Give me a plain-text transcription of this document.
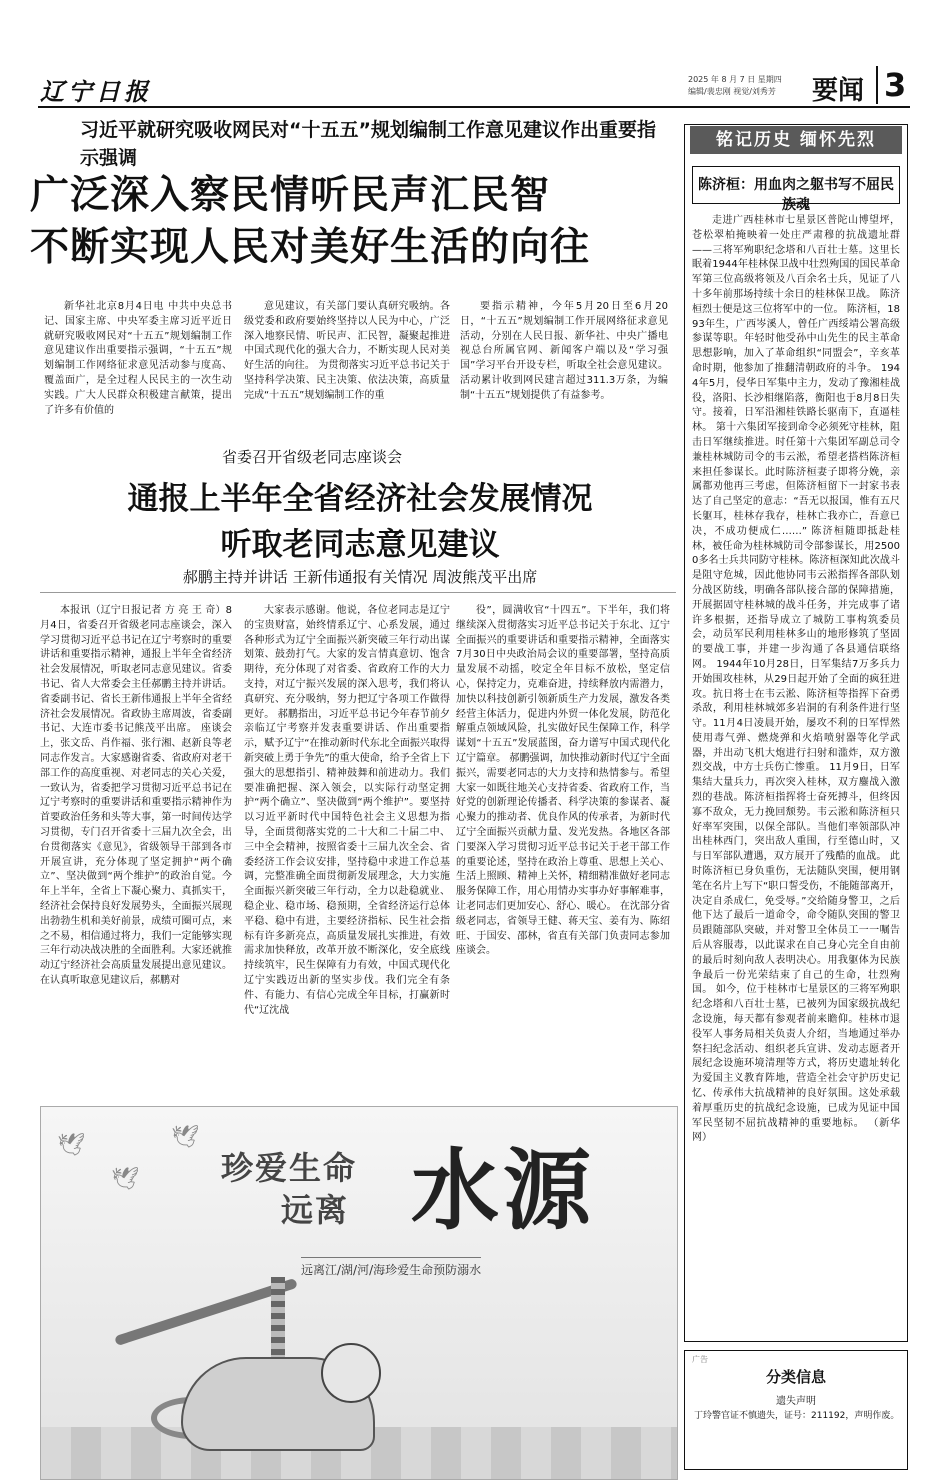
辽宁日报	2025 年 8 月 7 日 星期四
编辑/裴忠刚 视觉/刘秀芳 要闻 3
习近平就研究吸收网民对“十五五”规划编制工作意见建议作出重要指示强调
广泛深入察民情听民声汇民智
不断实现人民对美好生活的向往
新华社北京8月4日电 中共中央总书记、国家主席、中央军委主席习近平近日就研究吸收网民对“十五五”规划编制工作意见建议作出重要指示强调，“十五五”规划编制工作网络征求意见活动参与度高、覆盖面广，是全过程人民民主的一次生动实践。广大人民群众积极建言献策，提出了许多有价值的
意见建议，有关部门要认真研究吸纳。各级党委和政府要始终坚持以人民为中心，广泛深入地察民情、听民声、汇民智，凝聚起推进中国式现代化的强大合力，不断实现人民对美好生活的向往。 为贯彻落实习近平总书记关于坚持科学决策、民主决策、依法决策，高质量完成“十五五”规划编制工作的重
要指示精神，今年5月20日至6月20日，“十五五”规划编制工作开展网络征求意见活动，分别在人民日报、新华社、中央广播电视总台所属官网、新闻客户端以及“学习强国”学习平台开设专栏，听取全社会意见建议。活动累计收到网民建言超过311.3万条，为编制“十五五”规划提供了有益参考。
省委召开省级老同志座谈会
通报上半年全省经济社会发展情况
听取老同志意见建议
郝鹏主持并讲话 王新伟通报有关情况 周波熊茂平出席
本报讯（辽宁日报记者 方 亮 王 奇）8月4日，省委召开省级老同志座谈会，深入学习贯彻习近平总书记在辽宁考察时的重要讲话和重要指示精神，通报上半年全省经济社会发展情况，听取老同志意见建议。省委书记、省人大常委会主任郝鹏主持并讲话。省委副书记、省长王新伟通报上半年全省经济社会发展情况。省政协主席周波，省委副书记、大连市委书记熊茂平出席。 座谈会上，张文岳、肖作福、张行湘、赵新良等老同志作发言。大家感谢省委、省政府对老干部工作的高度重视、对老同志的关心关爱，一致认为，省委把学习贯彻习近平总书记在辽宁考察时的重要讲话和重要指示精神作为首要政治任务和头等大事，第一时间传达学习贯彻，专门召开省委十三届九次全会，出台贯彻落实《意见》，省级领导干部到各市开展宣讲，充分体现了坚定拥护“两个确立”、坚决做到“两个维护”的政治自觉。今年上半年，全省上下凝心聚力、真抓实干，经济社会保持良好发展势头，全面振兴展现出勃勃生机和美好前景，成绩可圈可点，来之不易，相信通过将力，我们一定能够实现三年行动决战决胜的全面胜利。大家还就推动辽宁经济社会高质量发展提出意见建议。 在认真听取意见建议后，郝鹏对
大家表示感谢。他说，各位老同志是辽宁的宝贵财富，始终情系辽宁、心系发展，通过各种形式为辽宁全面振兴新突破三年行动出谋划策、鼓劲打气。大家的发言情真意切、饱含期待，充分体现了对省委、省政府工作的大力支持，对辽宁振兴发展的深入思考，我们将认真研究、充分吸纳，努力把辽宁各项工作做得更好。 郝鹏指出，习近平总书记今年春节前夕亲临辽宁考察并发表重要讲话、作出重要指示，赋予辽宁“在推动新时代东北全面振兴取得新突破上勇于争先”的重大使命，给予全省上下强大的思想指引、精神鼓舞和前进动力。我们要准确把握、深入领会，以实际行动坚定拥护“两个确立”、坚决做到“两个维护”。要坚持以习近平新时代中国特色社会主义思想为指导，全面贯彻落实党的二十大和二十届二中、三中全会精神，按照省委十三届九次全会、省委经济工作会议安排，坚持稳中求进工作总基调，完整准确全面贯彻新发展理念，大力实施全面振兴新突破三年行动，全力以赴稳就业、稳企业、稳市场、稳预期，全省经济运行总体平稳、稳中有进，主要经济指标、民生社会指标有许多新亮点，高质量发展扎实推进，有效需求加快释放，改革开放不断深化，安全底线持续筑牢，民生保障有力有效，中国式现代化辽宁实践迈出新的坚实步伐。我们完全有条件、有能力、有信心完成全年目标，打赢新时代“辽沈战
役”，圆满收官“十四五”。下半年，我们将继续深入贯彻落实习近平总书记关于东北、辽宁全面振兴的重要讲话和重要指示精神，全面落实7月30日中央政治局会议的重要部署，坚持高质量发展不动摇，咬定全年目标不放松，坚定信心，保持定力，克难奋进，持续释放内需潜力，加快以科技创新引领新质生产力发展，激发各类经营主体活力，促进内外贸一体化发展，防范化解重点领域风险，扎实做好民生保障工作，科学谋划“十五五”发展蓝图，奋力谱写中国式现代化辽宁篇章。 郝鹏强调，加快推动新时代辽宁全面振兴，需要老同志的大力支持和热情参与。希望大家一如既往地关心支持省委、省政府工作，当好党的创新理论传播者、科学决策的参谋者、凝心聚力的推动者、优良作风的传承者，为新时代辽宁全面振兴贡献力量、发光发热。各地区各部门要深入学习贯彻习近平总书记关于老干部工作的重要论述，坚持在政治上尊重、思想上关心、生活上照顾、精神上关怀，精细精准做好老同志服务保障工作，用心用情办实事办好事解难事，让老同志们更加安心、舒心、暖心。 在沈部分省级老同志，省领导王健、蒋天宝、姜有为、陈绍旺、于国安、邵林，省直有关部门负责同志参加座谈会。
🕊
🕊
🕊
珍爱生命
远离 水源
远离江/湖/河/海珍爱生命预防溺水
铭记历史 缅怀先烈
陈济桓：用血肉之躯书写不屈民族魂
走进广西桂林市七星景区普陀山博望坪，苍松翠柏掩映着一处庄严肃穆的抗战遗址群——三将军殉职纪念塔和八百壮士墓。这里长眠着1944年桂林保卫战中壮烈殉国的国民革命军第三位高级将领及八百余名士兵，见证了八十多年前那场持续十余日的桂林保卫战。 陈济桓烈士便是这三位将军中的一位。 陈济桓，1893年生，广西岑溪人，曾任广西绥靖公署高级参谋等职。年轻时他受孙中山先生的民主革命思想影响，加入了革命组织“同盟会”，辛亥革命时期，他参加了推翻清朝政府的斗争。 1944年5月，侵华日军集中主力，发动了豫湘桂战役，洛阳、长沙相继陷落，衡阳也于8月8日失守。接着，日军沿湘桂铁路长驱南下，直逼桂林。 第十六集团军接到命令必须死守桂林，阻击日军继续推进。时任第十六集团军副总司令兼桂林城防司令的韦云淞，希望老搭档陈济桓来担任参谋长。此时陈济桓妻子即将分娩，亲属都劝他再三考虑，但陈济桓留下一封家书表达了自己坚定的意志：“吾无以报国，惟有五尺长躯耳，桂林存我存，桂林亡我亦亡，吾意已决，不成功便成仁……” 陈济桓随即抵赴桂林，被任命为桂林城防司令部参谋长，用25000多名士兵共同防守桂林。陈济桓深知此次战斗是阻守危城，因此他协同韦云淞指挥各部队划分战区防线，明确各部队接合部的保障措施，开展据固守桂林城的战斗任务，并完成事了诸许多根据，还指导成立了城防工事构筑委员会，动员军民利用桂林多山的地形修筑了坚固的要战工事，并建一步沟通了各县通信联络网。 1944年10月28日，日军集结7万多兵力开始围攻桂林，从29日起开始了全面的疯狂进攻。抗日将士在韦云淞、陈济桓等指挥下奋勇杀敌，利用桂林城郊多岩洞的有利条件进行坚守。11月4日凌晨开始，屡攻不利的日军悍然使用毒气弹、燃烧弹和火焰喷射器等化学武器，并出动飞机大炮进行扫射和滥炸，双方激烈交战，中方士兵伤亡惨重。 11月9日，日军集结大量兵力，再次突入桂林，双方鏖战入激烈的巷战。陈济桓指挥将士奋死搏斗，但终因寡不敌众，无力挽回颓势。韦云淞和陈济桓只好率军突围，以保全部队。当他们率领部队冲出桂林西门，突出敌人重围，行至德山时，又与日军部队遭遇，双方展开了残酷的血战。 此时陈济桓已身负重伤，无法随队突围，便用钢笔在名片上写下“职口誓受伤，不能随部离开，决定自杀成仁，免受辱。”交给随身警卫，之后他下达了最后一道命令，命令随队突围的警卫员跟随部队突破，并对警卫全体员工一一嘱告后从容服毒，以此谋求在自己身心完全自由前的最后时刻向敌人表明决心。用我躯体为民族争最后一份光荣结束了自己的生命，壮烈殉国。 如今，位于桂林市七星景区的三将军殉职纪念塔和八百壮士墓，已被列为国家级抗战纪念设施，每天都有参观者前来瞻仰。桂林市退役军人事务局相关负责人介绍，当地通过举办祭扫纪念活动、组织老兵宣讲、发动志愿者开展纪念设施环境清理等方式，将历史遗址转化为爱国主义教育阵地，营造全社会守护历史记忆、传承伟大抗战精神的良好氛围。这处承载着厚重历史的抗战纪念设施，已成为见证中国军民坚韧不屈抗战精神的重要地标。 （新华网）
广告
分类信息
遗失声明
丁玲警官证不慎遗失，证号：211192，声明作废。
